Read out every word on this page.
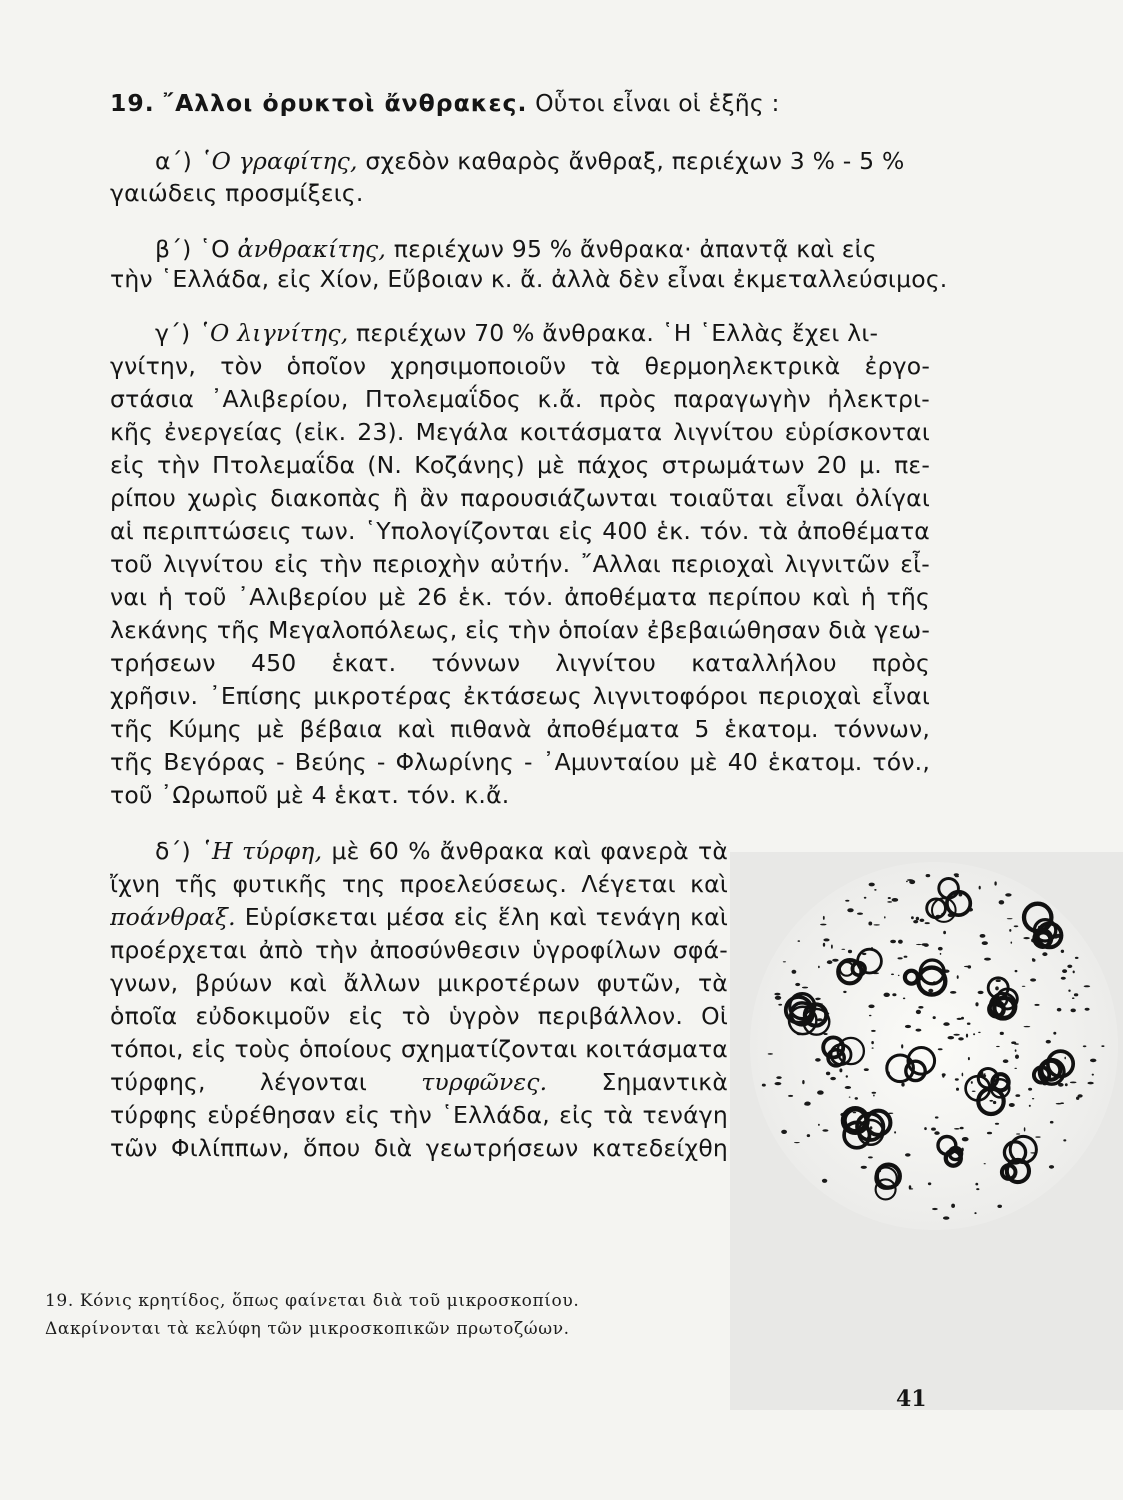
19. ῎Αλλοι ὀρυκτοὶ ἄνθρακες. Οὗτοι εἶναι οἱ ἑξῆς :
α΄) ῾Ο γραφίτης, σχεδὸν καθαρὸς ἄνθραξ, περιέχων 3 % - 5 %
γαιώδεις προσμίξεις.
β΄) ῾Ο ἀνθρακίτης, περιέχων 95 % ἄνθρακα· ἀπαντᾷ καὶ εἰς
τὴν ῾Ελλάδα, εἰς Χίον, Εὔβοιαν κ. ἄ. ἀλλὰ δὲν εἶναι ἐκμεταλλεύσιμος.
γ΄) ῾Ο λιγνίτης, περιέχων 70 % ἄνθρακα. ῾Η ῾Ελλὰς ἔχει λι-
γνίτην, τὸν ὁποῖον χρησιμοποιοῦν τὰ θερμοηλεκτρικὰ ἐργο-
στάσια ᾿Αλιβερίου, Πτολεμαΐδος κ.ἄ. πρὸς παραγωγὴν ἠλεκτρι-
κῆς ἐνεργείας (εἰκ. 23). Μεγάλα κοιτάσματα λιγνίτου εὑρίσκονται
εἰς τὴν Πτολεμαΐδα (Ν. Κοζάνης) μὲ πάχος στρωμάτων 20 μ. πε-
ρίπου χωρὶς διακοπὰς ἢ ἂν παρουσιάζωνται τοιαῦται εἶναι ὀλίγαι
αἱ περιπτώσεις των. ῾Υπολογίζονται εἰς 400 ἑκ. τόν. τὰ ἀποθέματα
τοῦ λιγνίτου εἰς τὴν περιοχὴν αὐτήν. ῎Αλλαι περιοχαὶ λιγνιτῶν εἶ-
ναι ἡ τοῦ ᾿Αλιβερίου μὲ 26 ἑκ. τόν. ἀποθέματα περίπου καὶ ἡ τῆς
λεκάνης τῆς Μεγαλοπόλεως, εἰς τὴν ὁποίαν ἐβεβαιώθησαν διὰ γεω-
τρήσεων 450 ἑκατ. τόννων λιγνίτου καταλλήλου πρὸς
χρῆσιν. ᾿Επίσης μικροτέρας ἐκτάσεως λιγνιτοφόροι περιοχαὶ εἶναι
τῆς Κύμης μὲ βέβαια καὶ πιθανὰ ἀποθέματα 5 ἑκατομ. τόννων,
τῆς Βεγόρας - Βεύης - Φλωρίνης - ᾿Αμυνταίου μὲ 40 ἑκατομ. τόν.,
τοῦ ᾿Ωρωποῦ μὲ 4 ἑκατ. τόν. κ.ἄ.
δ΄) ῾Η τύρφη, μὲ 60 % ἄνθρακα καὶ φανερὰ τὰ
ἴχνη τῆς φυτικῆς της προελεύσεως. Λέγεται καὶ
ποάνθραξ. Εὑρίσκεται μέσα εἰς ἕλη καὶ τενάγη καὶ
προέρχεται ἀπὸ τὴν ἀποσύνθεσιν ὑγροφίλων σφά-
γνων, βρύων καὶ ἄλλων μικροτέρων φυτῶν, τὰ
ὁποῖα εὐδοκιμοῦν εἰς τὸ ὑγρὸν περιβάλλον. Οἱ
τόποι, εἰς τοὺς ὁποίους σχηματίζονται κοιτάσματα
τύρφης, λέγονται τυρφῶνες. Σημαντικὰ
τύρφης εὑρέθησαν εἰς τὴν ῾Ελλάδα, εἰς τὰ τενάγη
τῶν Φιλίππων, ὅπου διὰ γεωτρήσεων κατεδείχθη
19. Κόνις κρητίδος, ὅπως φαίνεται διὰ τοῦ μικροσκοπίου.
Δακρίνονται τὰ κελύφη τῶν μικροσκοπικῶν πρωτοζώων.
41
